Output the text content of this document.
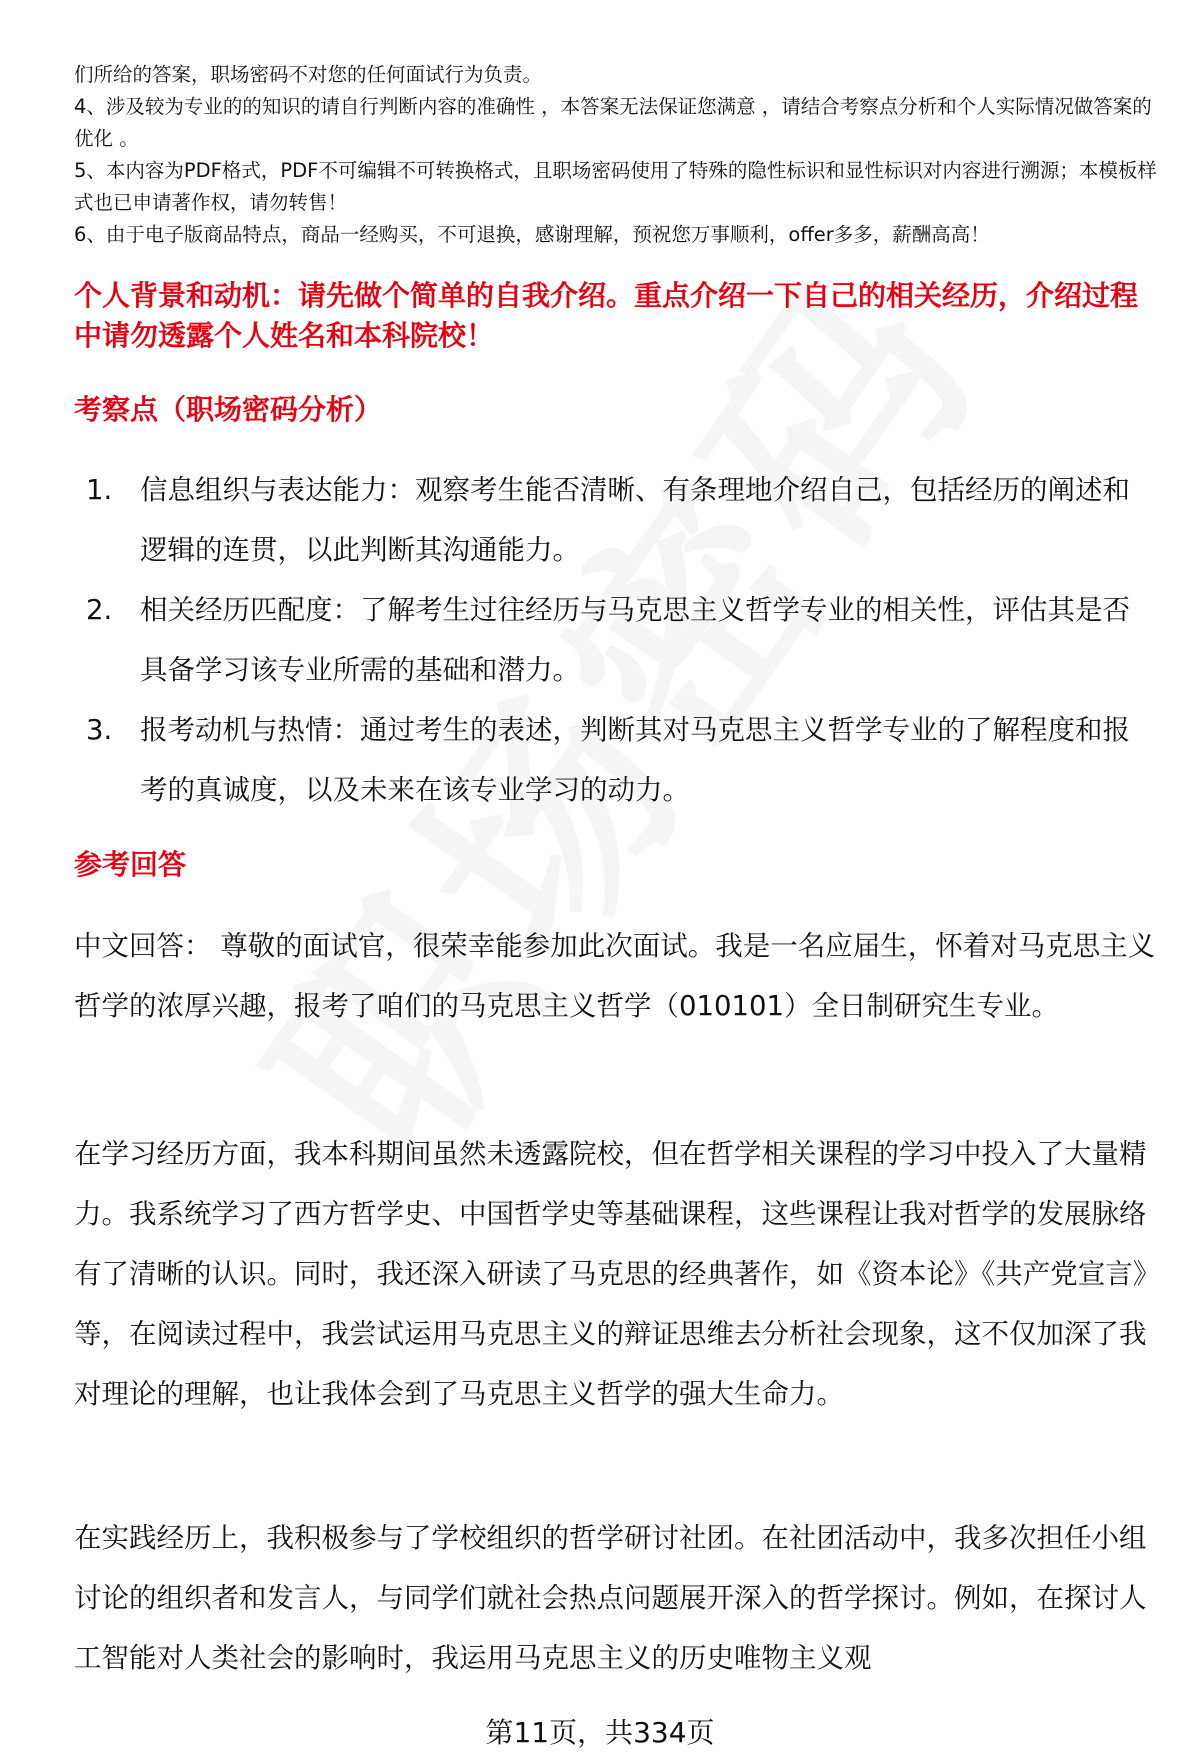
们所给的答案，职场密码不对您的任何面试行为负责。

4、涉及较为专业的的知识的请自行判断内容的准确性 ，本答案无法保证您满意 ，请结合考察点分析和个人实际情况做答案的优化 。

5、本内容为PDF格式，PDF不可编辑不可转换格式，且职场密码使用了特殊的隐性标识和显性标识对内容进行溯源；本模板样式也已申请著作权，请勿转售！

6、由于电子版商品特点，商品一经购买，不可退换，感谢理解，预祝您万事顺利，offer多多，薪酬高高！

个人背景和动机：请先做个简单的自我介绍。重点介绍一下自己的相关经历，介绍过程中请勿透露个人姓名和本科院校！
考察点（职场密码分析）
1.	信息组织与表达能力：观察考生能否清晰、有条理地介绍自己，包括经历的阐述和逻辑的连贯，以此判断其沟通能力。
2.	相关经历匹配度：了解考生过往经历与马克思主义哲学专业的相关性，评估其是否具备学习该专业所需的基础和潜力。
3.	报考动机与热情：通过考生的表述，判断其对马克思主义哲学专业的了解程度和报考的真诚度，以及未来在该专业学习的动力。
参考回答

中文回答： 尊敬的面试官，很荣幸能参加此次面试。我是一名应届生，怀着对马克思主义哲学的浓厚兴趣，报考了咱们的马克思主义哲学（010101）全日制研究生专业。

在学习经历方面，我本科期间虽然未透露院校，但在哲学相关课程的学习中投入了大量精力。我系统学习了西方哲学史、中国哲学史等基础课程，这些课程让我对哲学的发展脉络有了清晰的认识。同时，我还深入研读了马克思的经典著作，如《资本论》《共产党宣言》等，在阅读过程中，我尝试运用马克思主义的辩证思维去分析社会现象，这不仅加深了我对理论的理解，也让我体会到了马克思主义哲学的强大生命力。

在实践经历上，我积极参与了学校组织的哲学研讨社团。在社团活动中，我多次担任小组讨论的组织者和发言人，与同学们就社会热点问题展开深入的哲学探讨。例如，在探讨人工智能对人类社会的影响时，我运用马克思主义的历史唯物主义观

第11页，共334页
